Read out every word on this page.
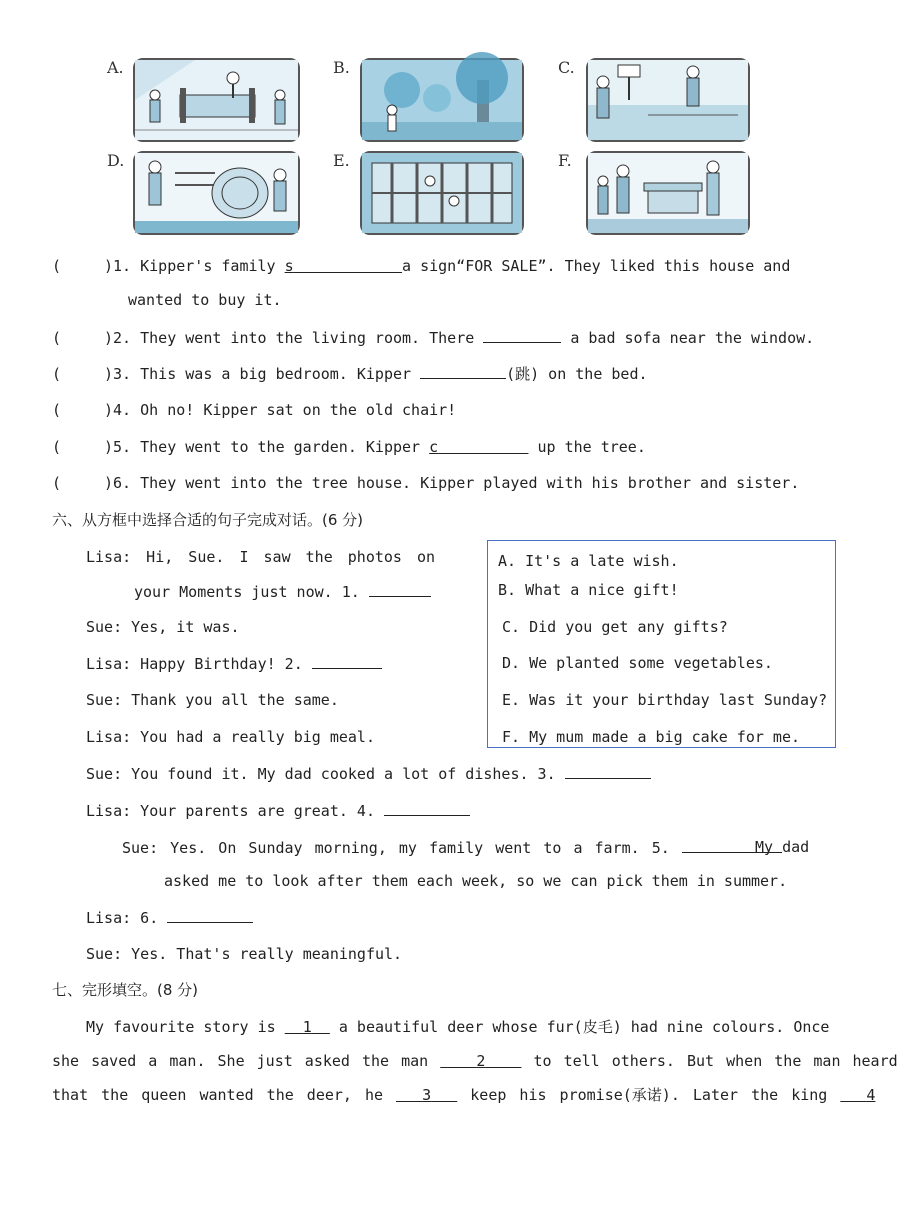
A.	B.	C.
D.	E.	F.
(	)1. Kipper's family s	a sign“FOR SALE”. They liked this house and
wanted to buy it.
(	)2. They went into the living room. There	a bad sofa near the window.
(	)3. This was a big bedroom. Kipper	(跳) on the bed.
(	)4. Oh no! Kipper sat on the old chair!
(	)5. They went to the garden. Kipper c	up the tree.
(	)6. They went into the tree house. Kipper played with his brother and sister.
六、从方框中选择合适的句子完成对话。(6 分)
A. It's a late wish.
B. What a nice gift!
C. Did you get any gifts?
D. We planted some vegetables.
E. Was it your birthday last Sunday?
F. My mum made a big cake for me.
Lisa: Hi, Sue. I saw the photos on
your Moments just now. 1.
Sue: Yes, it was.
Lisa: Happy Birthday! 2.
Sue: Thank you all the same.
Lisa: You had a really big meal.
Sue: You found it. My dad cooked a lot of dishes. 3.
Lisa: Your parents are great. 4.
Sue: Yes. On Sunday morning, my family went to a farm. 5.	My dad
asked me to look after them each week, so we can pick them in summer.
Lisa: 6.
Sue: Yes. That's really meaningful.
七、完形填空。(8 分)
My favourite story is   1   a beautiful deer whose fur(皮毛) had nine colours. Once
she saved a man. She just asked the man    2    to tell others. But when the man heard
that the queen wanted the deer, he   3   keep his promise(承诺). Later the king   4
